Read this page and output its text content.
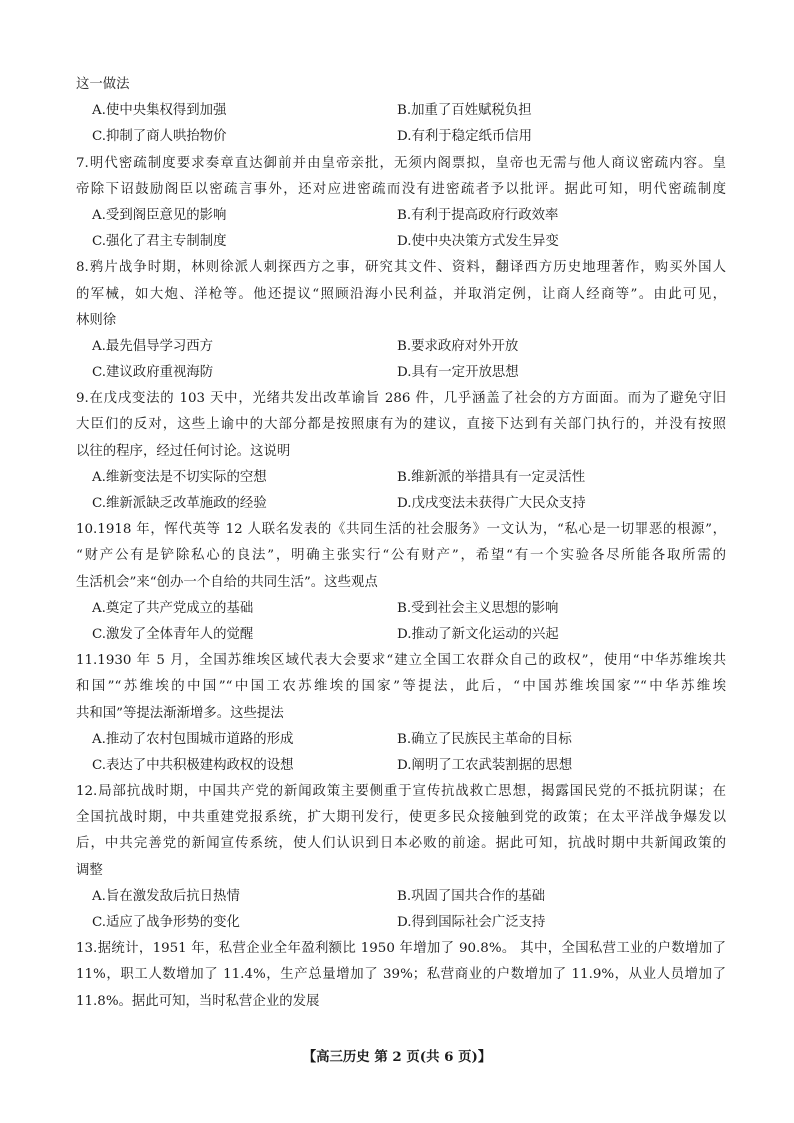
这一做法
A.使中央集权得到加强	B.加重了百姓赋税负担
C.抑制了商人哄抬物价	D.有利于稳定纸币信用
7.明代密疏制度要求奏章直达御前并由皇帝亲批，无须内阁票拟，皇帝也无需与他人商议密疏内容。皇
帝除下诏鼓励阁臣以密疏言事外，还对应进密疏而没有进密疏者予以批评。据此可知，明代密疏制度
A.受到阁臣意见的影响	B.有利于提高政府行政效率
C.强化了君主专制制度	D.使中央决策方式发生异变
8.鸦片战争时期，林则徐派人刺探西方之事，研究其文件、资料，翻译西方历史地理著作，购买外国人
的军械，如大炮、洋枪等。他还提议“照顾沿海小民利益，并取消定例，让商人经商等”。由此可见，
林则徐
A.最先倡导学习西方	B.要求政府对外开放
C.建议政府重视海防	D.具有一定开放思想
9.在戊戌变法的 103 天中，光绪共发出改革谕旨 286 件，几乎涵盖了社会的方方面面。而为了避免守旧
大臣们的反对，这些上谕中的大部分都是按照康有为的建议，直接下达到有关部门执行的，并没有按照
以往的程序，经过任何讨论。这说明
A.维新变法是不切实际的空想	B.维新派的举措具有一定灵活性
C.维新派缺乏改革施政的经验	D.戊戌变法未获得广大民众支持
10.1918 年，恽代英等 12 人联名发表的《共同生活的社会服务》一文认为，“私心是一切罪恶的根源”，
“财产公有是铲除私心的良法”，明确主张实行“公有财产”，希望“有一个实验各尽所能各取所需的
生活机会”来“创办一个自给的共同生活”。这些观点
A.奠定了共产党成立的基础	B.受到社会主义思想的影响
C.激发了全体青年人的觉醒	D.推动了新文化运动的兴起
11.1930 年 5 月，全国苏维埃区域代表大会要求“建立全国工农群众自己的政权”，使用“中华苏维埃共
和国”“苏维埃的中国”“中国工农苏维埃的国家”等提法，此后，“中国苏维埃国家”“中华苏维埃
共和国”等提法渐渐增多。这些提法
A.推动了农村包围城市道路的形成	B.确立了民族民主革命的目标
C.表达了中共积极建构政权的设想	D.阐明了工农武装割据的思想
12.局部抗战时期，中国共产党的新闻政策主要侧重于宣传抗战救亡思想，揭露国民党的不抵抗阴谋；在
全国抗战时期，中共重建党报系统，扩大期刊发行，使更多民众接触到党的政策；在太平洋战争爆发以
后，中共完善党的新闻宣传系统，使人们认识到日本必败的前途。据此可知，抗战时期中共新闻政策的
调整
A.旨在激发敌后抗日热情	B.巩固了国共合作的基础
C.适应了战争形势的变化	D.得到国际社会广泛支持
13.据统计，1951 年，私营企业全年盈利额比 1950 年增加了 90.8%。 其中，全国私营工业的户数增加了
11%，职工人数增加了 11.4%，生产总量增加了 39%；私营商业的户数增加了 11.9%，从业人员增加了
11.8%。据此可知，当时私营企业的发展
【高三历史 第 2 页(共 6 页)】
